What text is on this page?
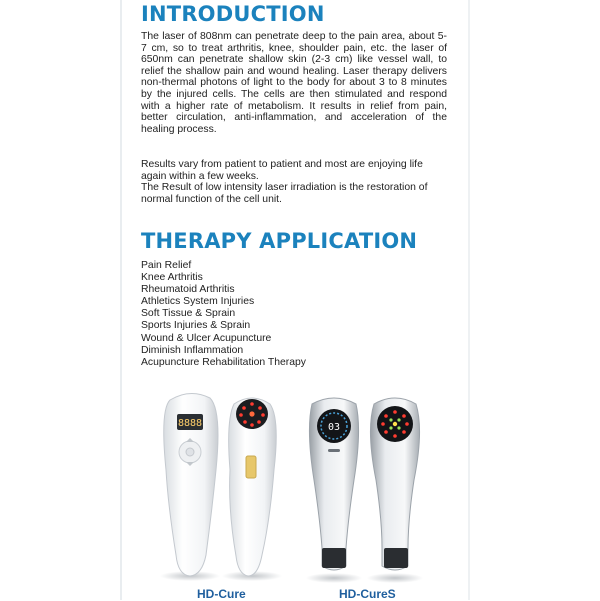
INTRODUCTION
The laser of 808nm can penetrate deep to the pain area, about 5-7 cm, so to treat arthritis, knee, shoulder pain, etc. the laser of 650nm can penetrate shallow skin (2-3 cm) like vessel wall, to relief the shallow pain and wound healing. Laser therapy delivers non-thermal photons of light to the body for about 3 to 8 minutes by the injured cells. The cells are then stimulated and respond with a higher rate of metabolism. It results in relief from pain, better circulation, anti-inflammation, and acceleration of the healing process.

Results vary from patient to patient and most are enjoying life again within a few weeks.

The Result of low intensity laser irradiation is the restoration of normal function of the cell unit.

THERAPY APPLICATION
Pain Relief
Knee Arthritis
Rheumatoid Arthritis
Athletics System Injuries
Soft Tissue & Sprain
Sports Injuries & Sprain
Wound & Ulcer Acupuncture
Diminish Inflammation
Acupuncture Rehabilitation Therapy
8888	03
HD-Cure	HD-CureS
